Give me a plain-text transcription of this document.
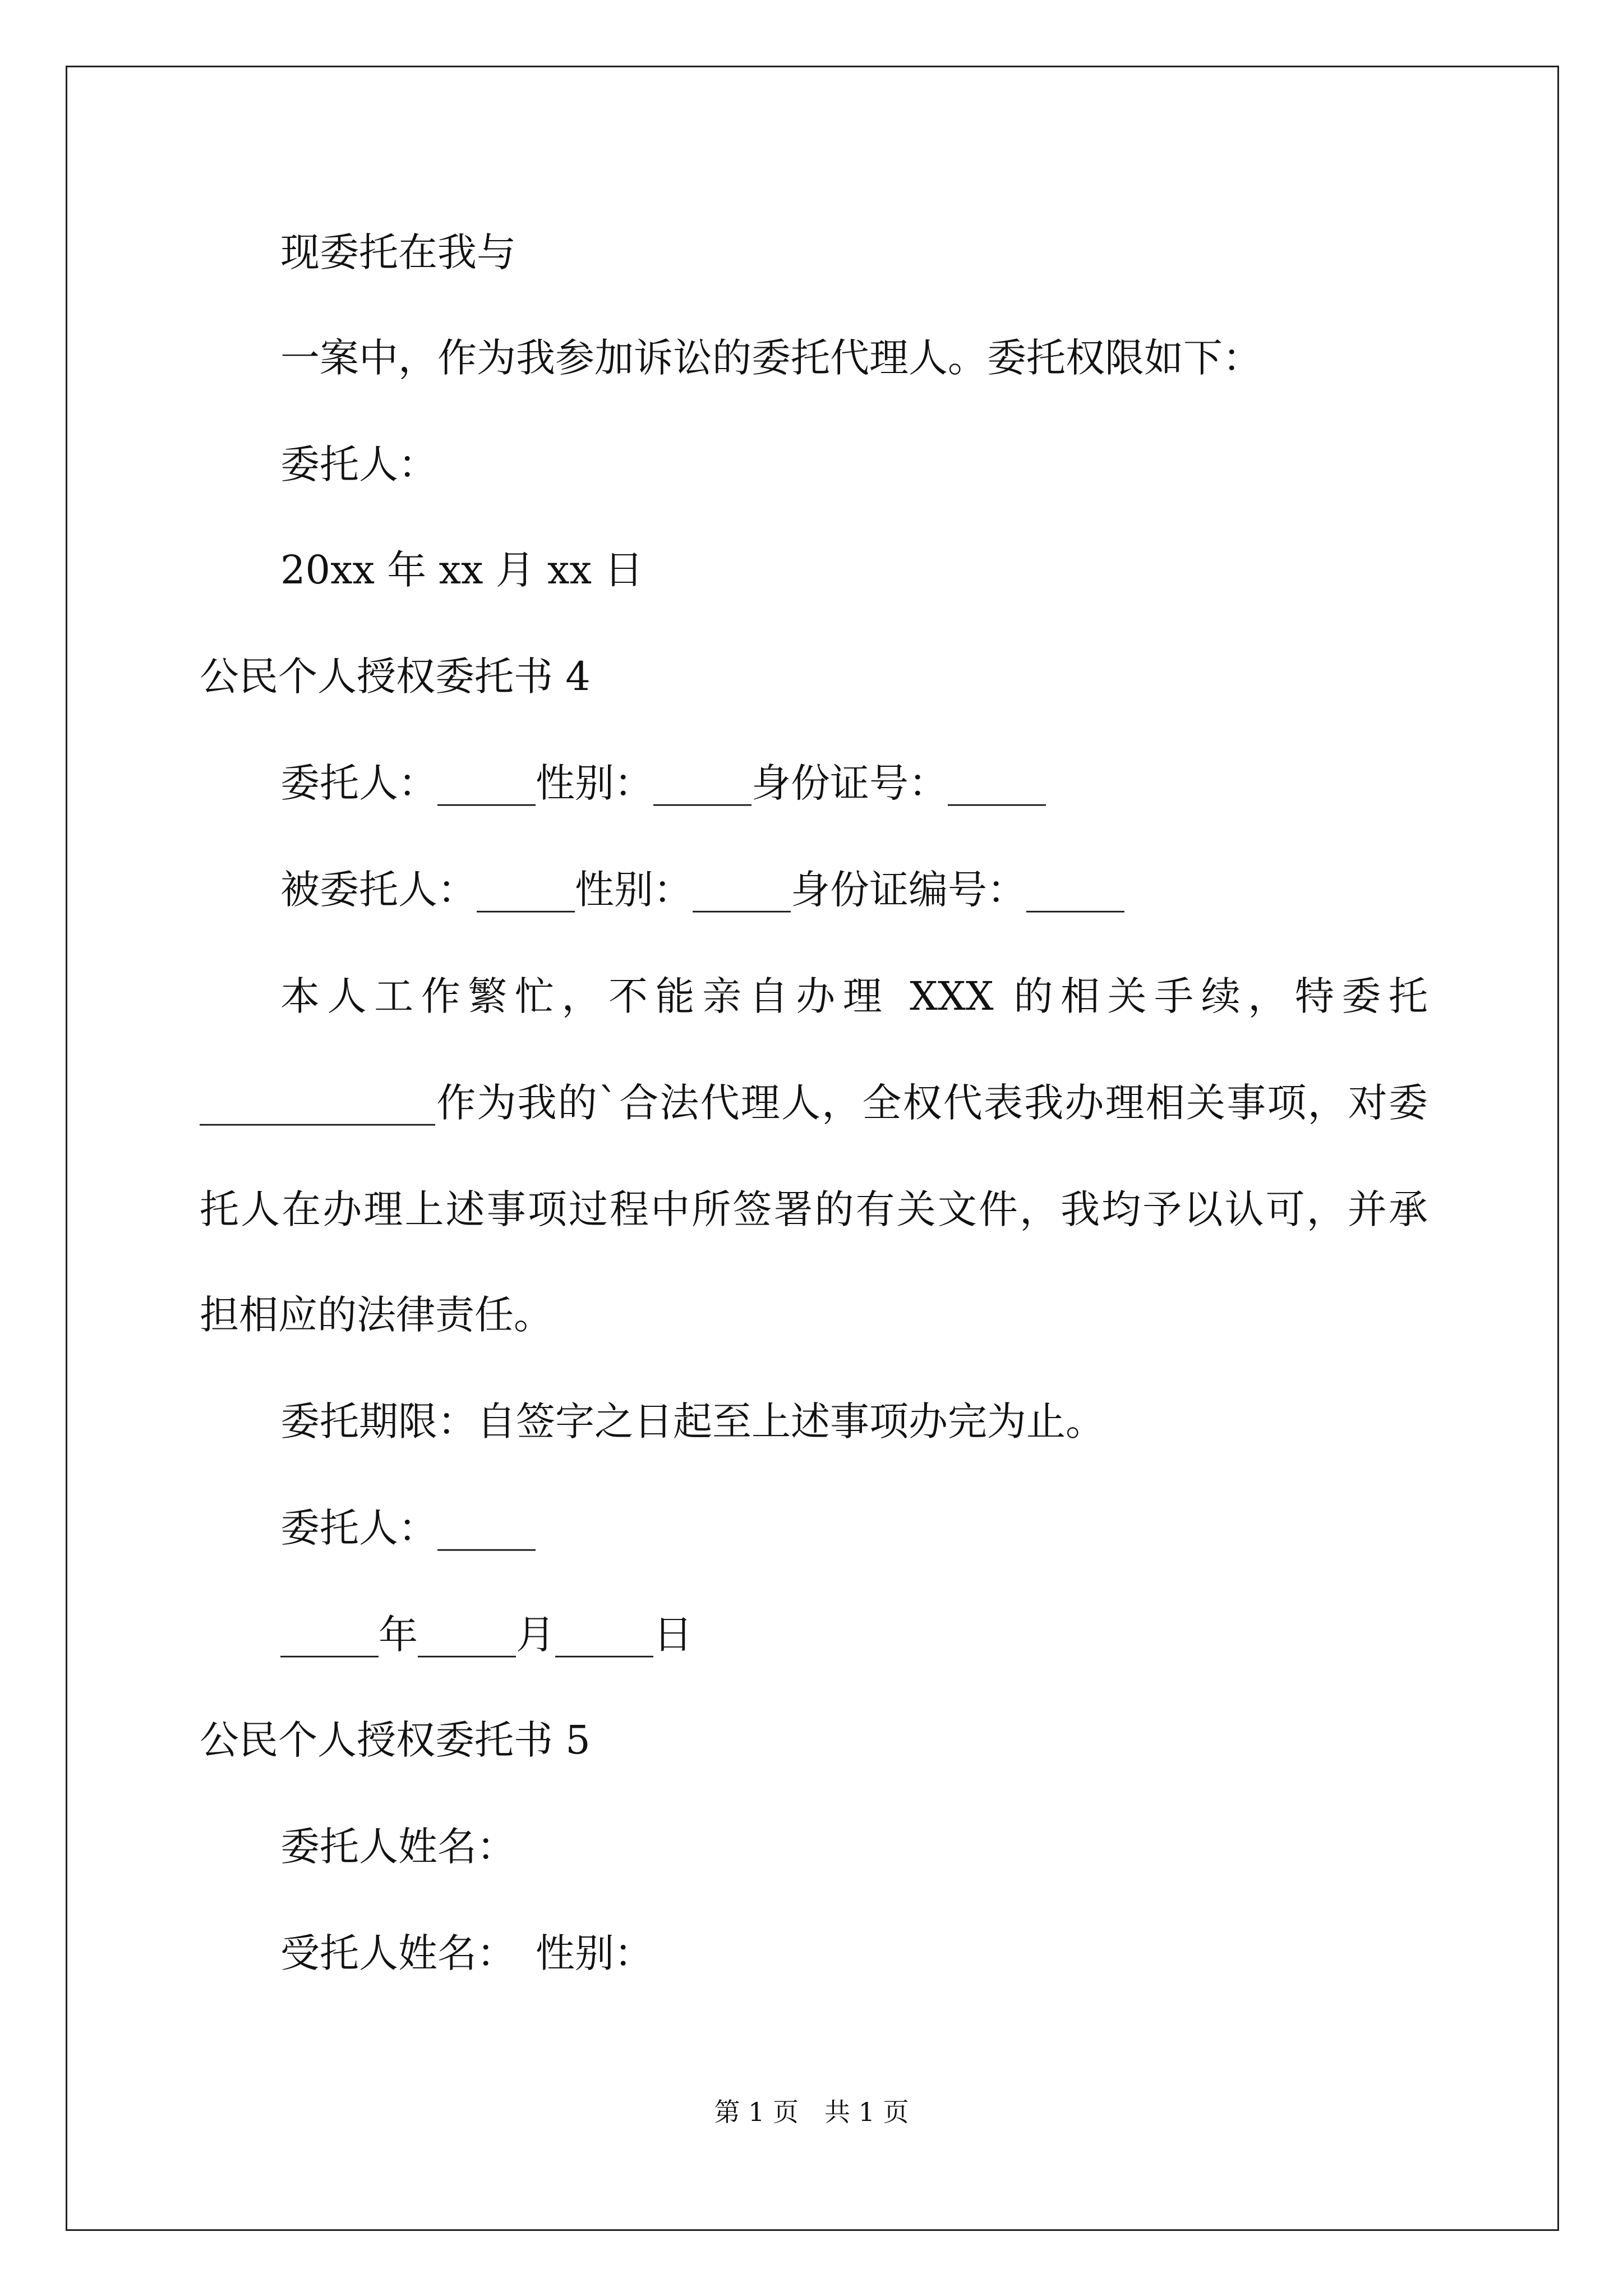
现委托在我与
一案中，作为我参加诉讼的委托代理人。委托权限如下：
委托人：
20xx 年 xx 月 xx 日
公民个人授权委托书 4
委托人：_____性别：_____身份证号：_____
被委托人：_____性别：_____身份证编号：_____
本人工作繁忙，不能亲自办理 XXX 的相关手续，特委托
____________作为我的`合法代理人，全权代表我办理相关事项，对委
托人在办理上述事项过程中所签署的有关文件，我均予以认可，并承
担相应的法律责任。
委托期限：自签字之日起至上述事项办完为止。
委托人：_____
_____年_____月_____日
公民个人授权委托书 5
委托人姓名：
受托人姓名：　性别：
第 1 页　共 1 页
